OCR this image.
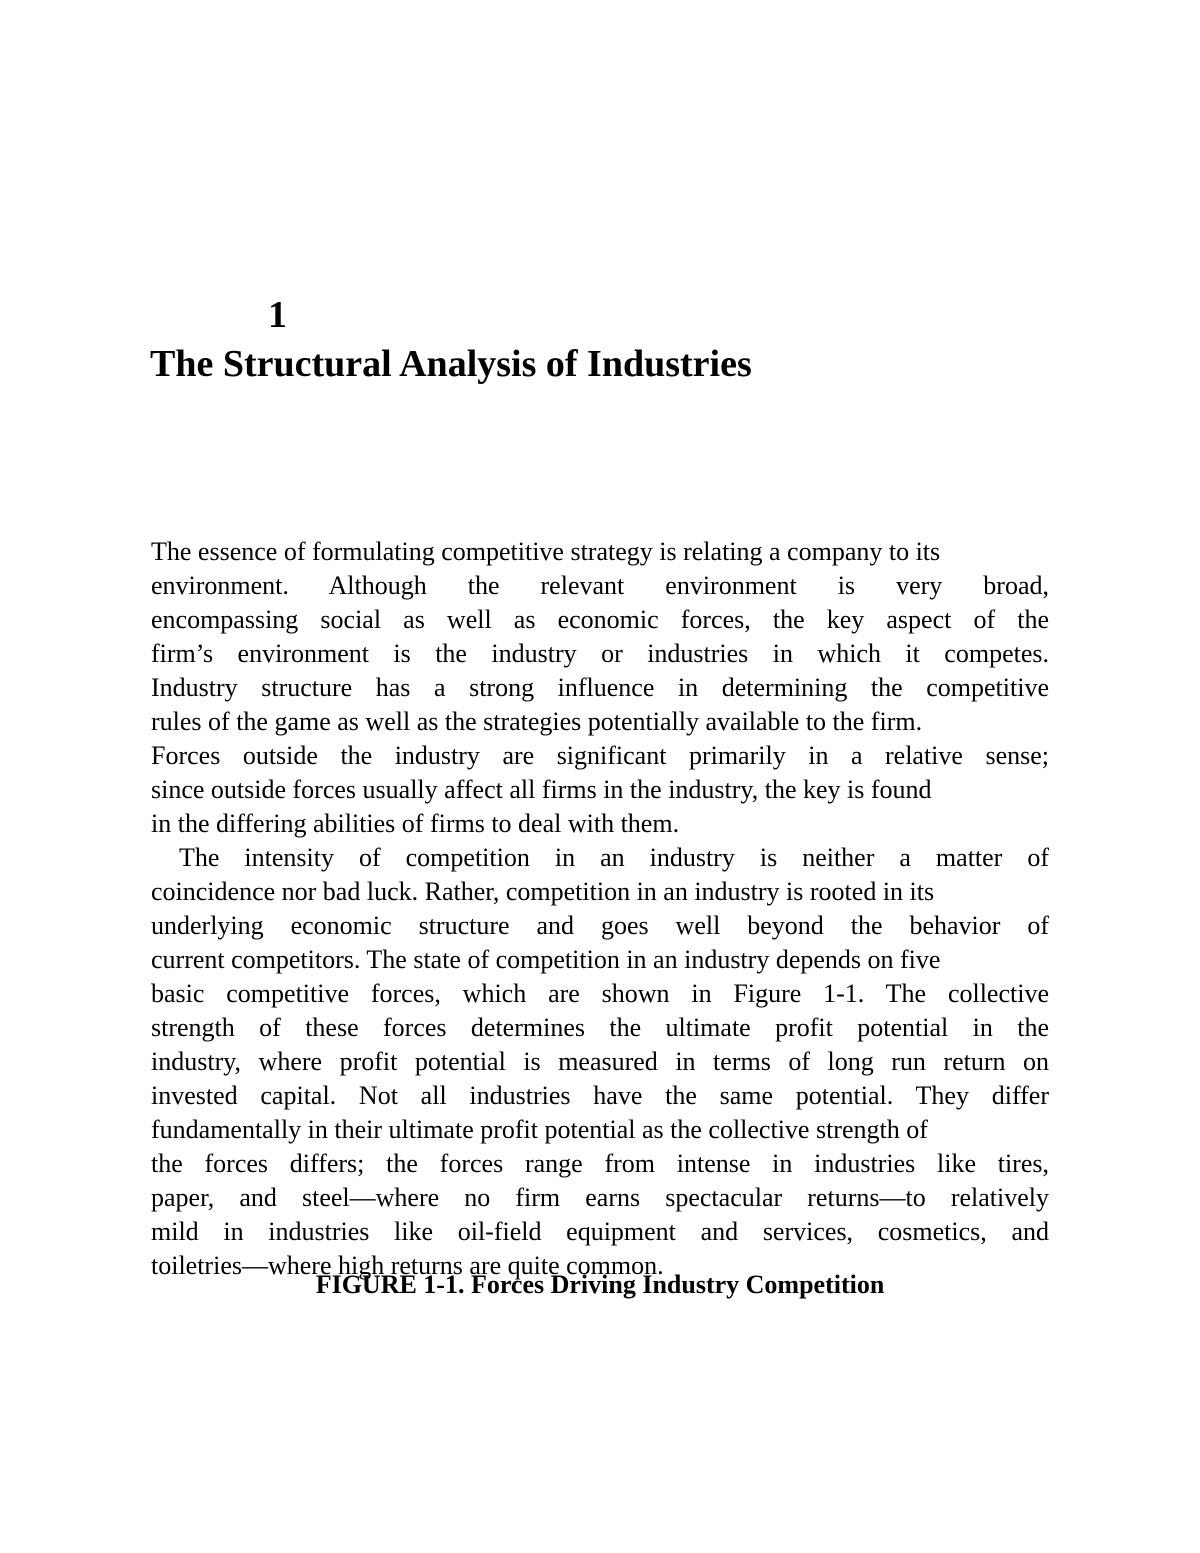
1
The Structural Analysis of Industries
The essence of formulating competitive strategy is relating a company to its
environment. Although the relevant environment is very broad,
encompassing social as well as economic forces, the key aspect of the
firm’s environment is the industry or industries in which it competes.
Industry structure has a strong influence in determining the competitive
rules of the game as well as the strategies potentially available to the firm.
Forces outside the industry are significant primarily in a relative sense;
since outside forces usually affect all firms in the industry, the key is found
in the differing abilities of firms to deal with them.
The intensity of competition in an industry is neither a matter of
coincidence nor bad luck. Rather, competition in an industry is rooted in its
underlying economic structure and goes well beyond the behavior of
current competitors. The state of competition in an industry depends on five
basic competitive forces, which are shown in Figure 1-1. The collective
strength of these forces determines the ultimate profit potential in the
industry, where profit potential is measured in terms of long run return on
invested capital. Not all industries have the same potential. They differ
fundamentally in their ultimate profit potential as the collective strength of
the forces differs; the forces range from intense in industries like tires,
paper, and steel—where no firm earns spectacular returns—to relatively
mild in industries like oil-field equipment and services, cosmetics, and
toiletries—where high returns are quite common.

FIGURE 1-1. Forces Driving Industry Competition
